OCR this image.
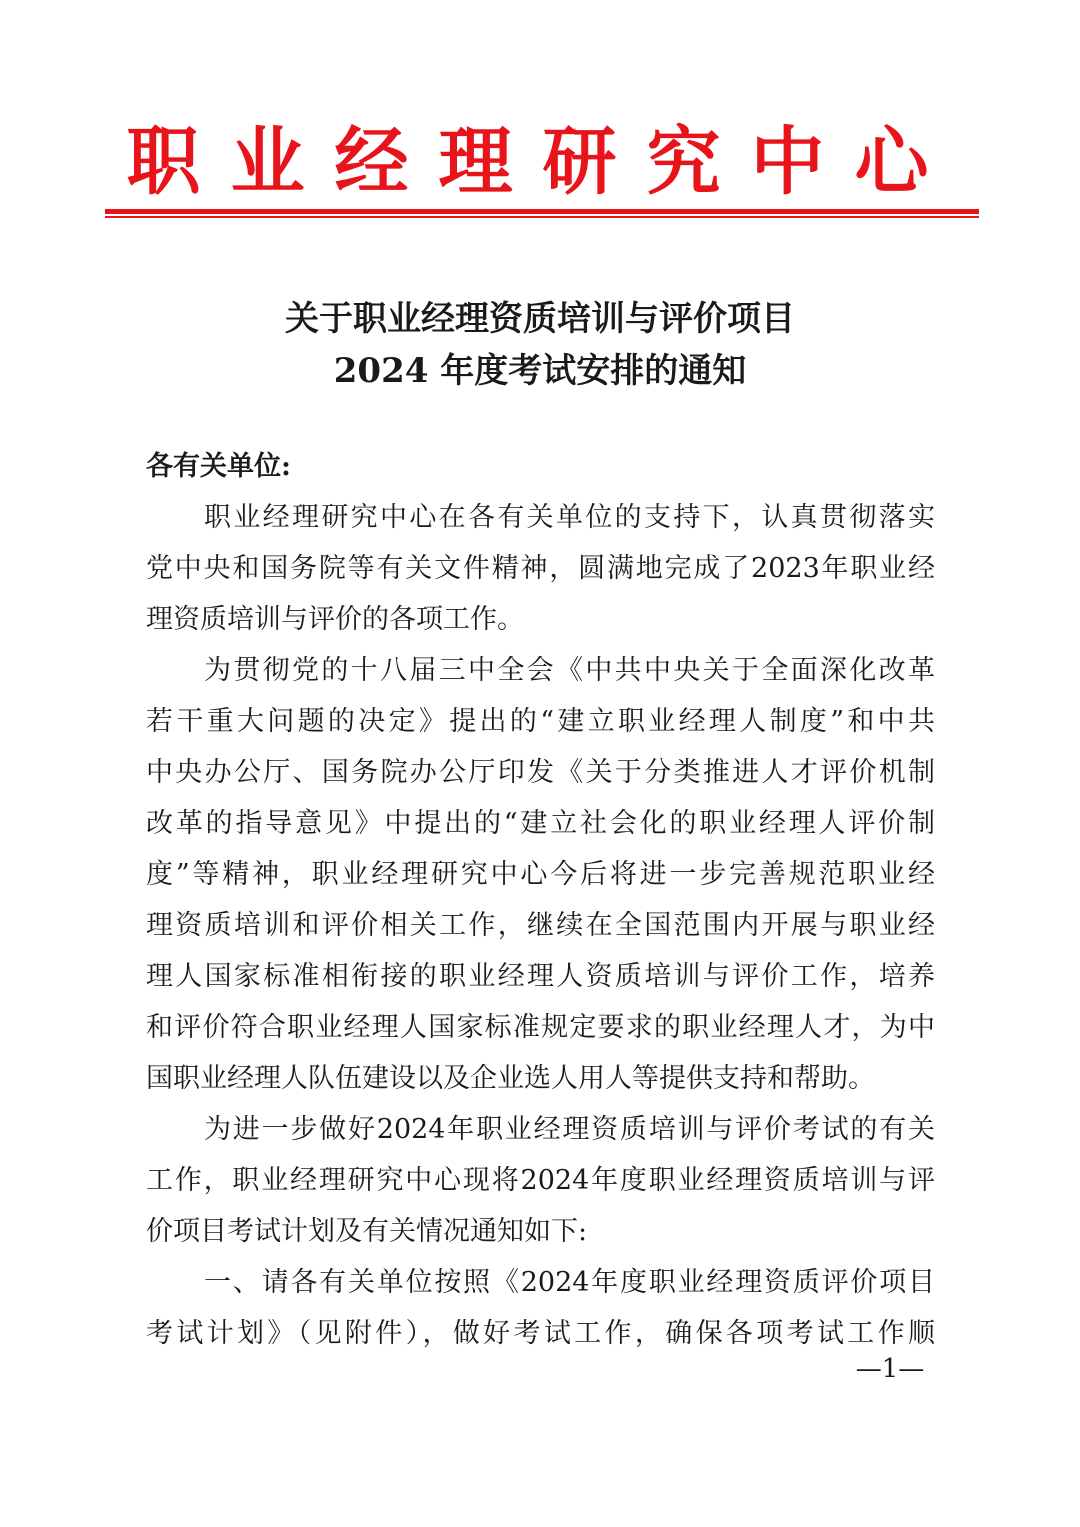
职业经理研究中心
关于职业经理资质培训与评价项目
2024 年度考试安排的通知

各有关单位:

职业经理研究中心在各有关单位的支持下，认真贯彻落实

党中央和国务院等有关文件精神，圆满地完成了2023年职业经

理资质培训与评价的各项工作。

为贯彻党的十八届三中全会《中共中央关于全面深化改革

若干重大问题的决定》提出的“建立职业经理人制度”和中共

中央办公厅、国务院办公厅印发《关于分类推进人才评价机制

改革的指导意见》中提出的“建立社会化的职业经理人评价制

度”等精神，职业经理研究中心今后将进一步完善规范职业经

理资质培训和评价相关工作，继续在全国范围内开展与职业经

理人国家标准相衔接的职业经理人资质培训与评价工作，培养

和评价符合职业经理人国家标准规定要求的职业经理人才，为中

国职业经理人队伍建设以及企业选人用人等提供支持和帮助。

为进一步做好2024年职业经理资质培训与评价考试的有关

工作，职业经理研究中心现将2024年度职业经理资质培训与评

价项目考试计划及有关情况通知如下:

一、请各有关单位按照《2024年度职业经理资质评价项目

考试计划》（见附件），做好考试工作，确保各项考试工作顺

—1—
